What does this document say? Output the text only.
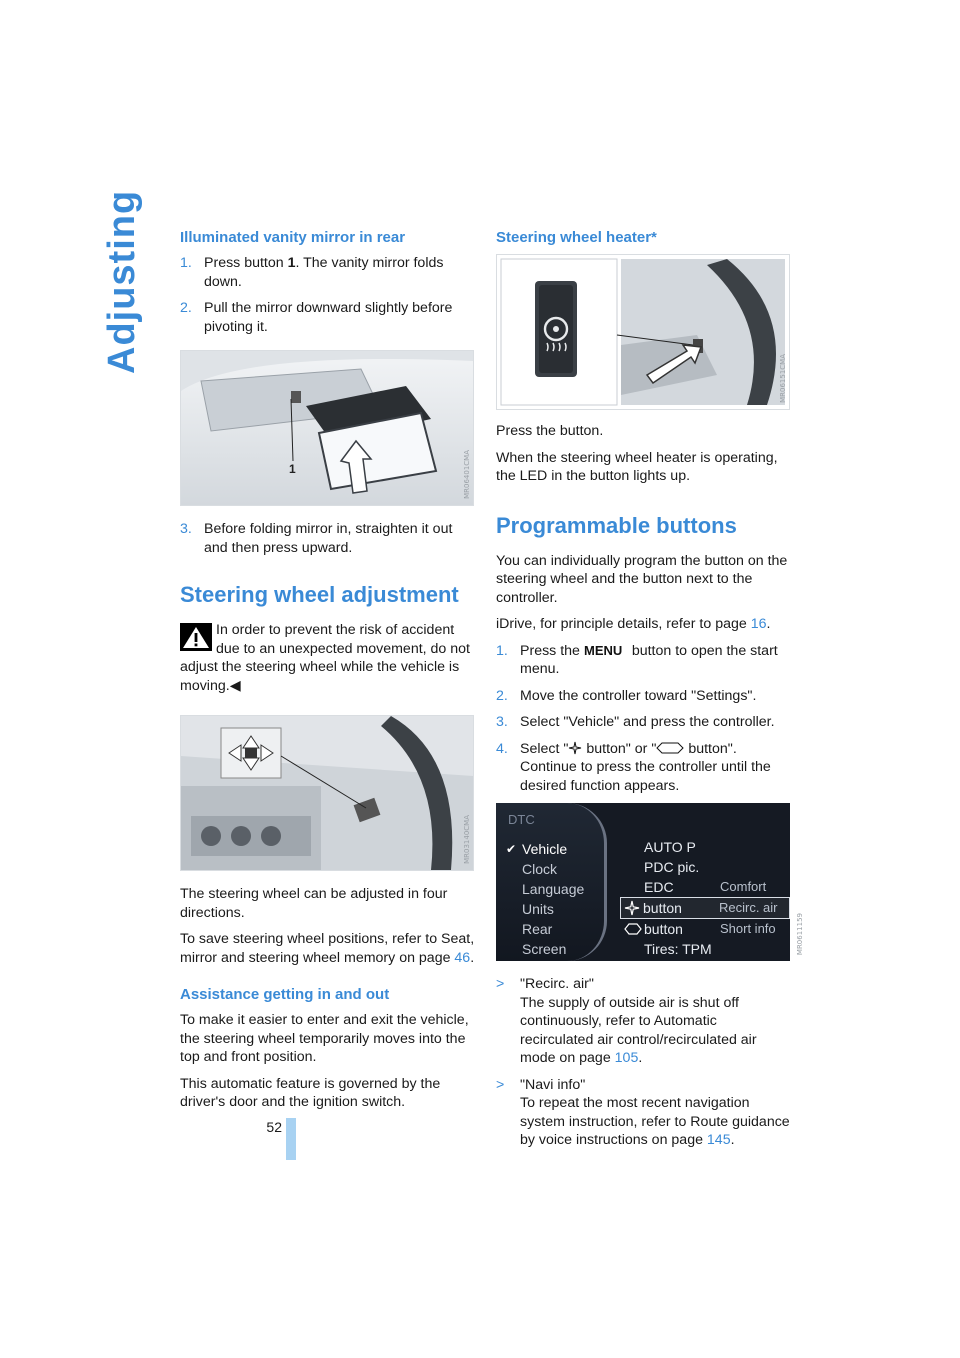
Adjusting
52
Illuminated vanity mirror in rear
1. Press button 1. The vanity mirror folds down.
2. Pull the mirror downward slightly before pivoting it.
1	MR06401CMA
3. Before folding mirror in, straighten it out and then press upward.
Steering wheel adjustment
In order to prevent the risk of accident due to an unexpected movement, do not
adjust the steering wheel while the vehicle is moving.◀
MR03140CMA

The steering wheel can be adjusted in four directions.

To save steering wheel positions, refer to Seat, mirror and steering wheel memory on page 46.

Assistance getting in and out

To make it easier to enter and exit the vehicle, the steering wheel temporarily moves into the top and front position.

This automatic feature is governed by the driver's door and the ignition switch.

Steering wheel heater*
MR06151CMA

Press the button.

When the steering wheel heater is operating, the LED in the button lights up.

Programmable buttons

You can individually program the button on the steering wheel and the button next to the controller.

iDrive, for principle details, refer to page 16.

1. Press the MENU button to open the start menu.
2. Move the controller toward "Settings".
3. Select "Vehicle" and press the controller.
4. Select " button" or " button". Continue to press the controller until the desired function appears.
DTC
✔ Vehicle
Clock
Language
Units
Rear
Screen
AUTO P
PDC pic.
EDC	Comfort
button	Recirc. air
button	Short info
Tires: TPM	MR0611159
> "Recirc. air"
The supply of outside air is shut off continuously, refer to Automatic recirculated air control/recirculated air mode on page 105.
> "Navi info"
To repeat the most recent navigation system instruction, refer to Route guidance by voice instructions on page 145.
